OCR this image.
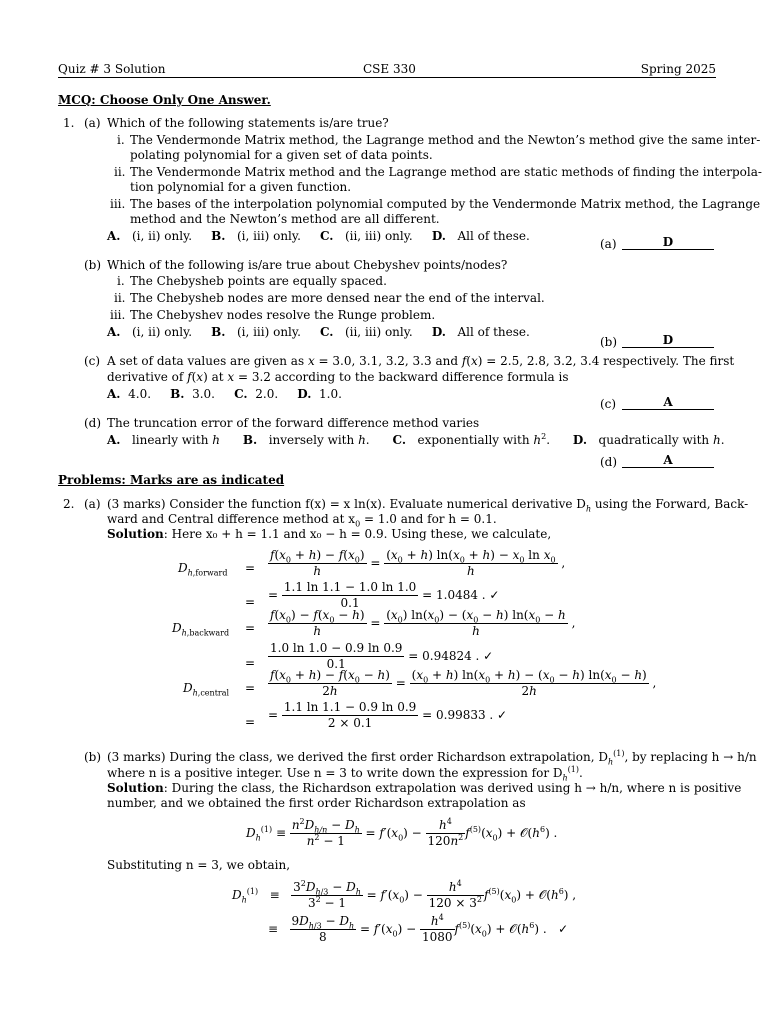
Quiz # 3 Solution	CSE 330	Spring 2025
MCQ: Choose Only One Answer.
1. (a) Which of the following statements is/are true?
i. The Vendermonde Matrix method, the Lagrange method and the Newton’s method give the same inter-
polating polynomial for a given set of data points.
ii. The Vendermonde Matrix method and the Lagrange method are static methods of finding the interpola-
tion polynomial for a given function.
iii. The bases of the interpolation polynomial computed by the Vendermonde Matrix method, the Lagrange
method and the Newton’s method are all different.
A. (i, ii) only. B. (i, iii) only. C. (ii, iii) only. D. All of these.
(a)	D
(b) Which of the following is/are true about Chebyshev points/nodes?
i. The Chebysheb points are equally spaced.
ii. The Chebysheb nodes are more densed near the end of the interval.
iii. The Chebyshev nodes resolve the Runge problem.
A. (i, ii) only. B. (i, iii) only. C. (ii, iii) only. D. All of these.
(b)	D
(c) A set of data values are given as x = 3.0, 3.1, 3.2, 3.3 and f(x) = 2.5, 2.8, 3.2, 3.4 respectively. The first
derivative of f(x) at x = 3.2 according to the backward difference formula is
A. 4.0. B. 3.0. C. 2.0. D. 1.0.
(c)	A
(d) The truncation error of the forward difference method varies
A. linearly with h B. inversely with h.      C. exponentially with $h^2$.      D. quadratically with h.
(d)	A
Problems: Marks are as indicated
2. (a) (3 marks) Consider the function f(x) = x ln(x). Evaluate numerical derivative $D_h$ using the Forward, Back-
ward and Central difference method at $x_0 = 1.0$ and for h = 0.1.
Solution: Here x₀ + h = 1.1 and x₀ − h = 0.9. Using these, we calculate,
$D_{h,forward} = \frac{f(x_0 + h) - f(x_0)}{h} = \frac{(x_0 + h) \ln(x_0 + h) - x_0 \ln x_0}{h}$ ,
= = $\frac{1.1 \ln 1.1 - 1.0 \ln 1.0}{0.1} = 1.0484$ . ✓
$D_{h,backward} = \frac{f(x_0) - f(x_0 - h)}{h} = \frac{(x_0) \ln(x_0) - (x_0 - h) \ln(x_0 - h}{h}$ ,
= $\frac{1.0 \ln 1.0 - 0.9 \ln 0.9}{0.1} = 0.94824$ . ✓
$D_{h,central} = \frac{f(x_0 + h) - f(x_0 - h)}{2h} = \frac{(x_0 + h) \ln(x_0 + h) - (x_0 - h) \ln(x_0 - h)}{2h}$ ,
= = $\frac{1.1 \ln 1.1 - 0.9 \ln 0.9}{2 \times 0.1} = 0.99833$ . ✓
(b) (3 marks) During the class, we derived the first order Richardson extrapolation, $D_h^{(1)}$, by replacing h → h/n
where n is a positive integer. Use n = 3 to write down the expression for $D_h^{(1)}$.
Solution: During the class, the Richardson extrapolation was derived using h → h/n, where n is positive
number, and we obtained the first order Richardson extrapolation as
$D_h^{(1)} \equiv \frac{n^2D_{h/n} - D_h}{n^2 - 1} = f'(x_0) - \frac{h^4}{120n^2} f^{(5)}(x_0)$ + $𝒪(h^6)$ .
Substituting n = 3, we obtain,
$D_h^{(1)} \equiv \frac{3^2D_{h/3} - D_h}{3^2 - 1} = f'(x_0) - \frac{h^4}{120 \times 3^2} f^{(5)}(x_0)$ + $𝒪(h^6)$ ,
≡ $\frac{9D_{h/3} - D_h}{8} = f'(x_0) - \frac{h^4}{1080} f^{(5)}(x_0)$ + $𝒪(h^6)$ .   ✓
